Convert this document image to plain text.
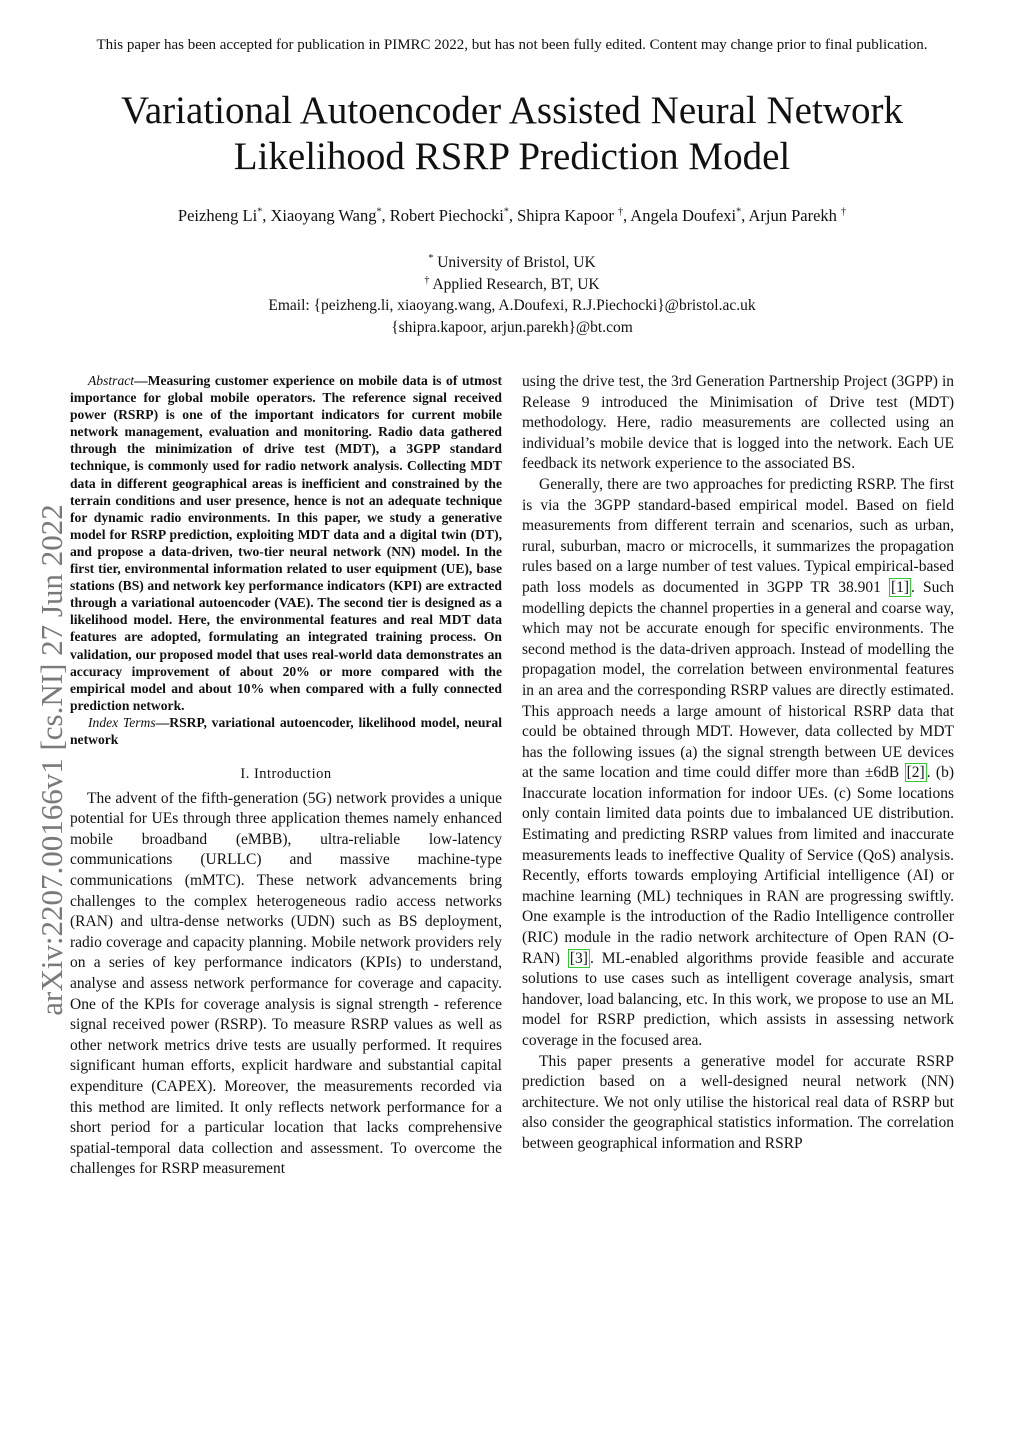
This paper has been accepted for publication in PIMRC 2022, but has not been fully edited. Content may change prior to final publication.
Variational Autoencoder Assisted Neural Network
Likelihood RSRP Prediction Model
Peizheng Li*, Xiaoyang Wang*, Robert Piechocki*, Shipra Kapoor †, Angela Doufexi*, Arjun Parekh †
* University of Bristol, UK
† Applied Research, BT, UK
Email: {peizheng.li, xiaoyang.wang, A.Doufexi, R.J.Piechocki}@bristol.ac.uk
{shipra.kapoor, arjun.parekh}@bt.com
arXiv:2207.00166v1 [cs.NI] 27 Jun 2022

Abstract—Measuring customer experience on mobile data is of utmost importance for global mobile operators. The reference signal received power (RSRP) is one of the important indicators for current mobile network management, evaluation and monitoring. Radio data gathered through the minimization of drive test (MDT), a 3GPP standard technique, is commonly used for radio network analysis. Collecting MDT data in different geographical areas is inefficient and constrained by the terrain conditions and user presence, hence is not an adequate technique for dynamic radio environments. In this paper, we study a generative model for RSRP prediction, exploiting MDT data and a digital twin (DT), and propose a data-driven, two-tier neural network (NN) model. In the first tier, environmental information related to user equipment (UE), base stations (BS) and network key performance indicators (KPI) are extracted through a variational autoencoder (VAE). The second tier is designed as a likelihood model. Here, the environmental features and real MDT data features are adopted, formulating an integrated training process. On validation, our proposed model that uses real-world data demonstrates an accuracy improvement of about 20% or more compared with the empirical model and about 10% when compared with a fully connected prediction network.

Index Terms—RSRP, variational autoencoder, likelihood model, neural network

I. Introduction

The advent of the fifth-generation (5G) network provides a unique potential for UEs through three application themes namely enhanced mobile broadband (eMBB), ultra-reliable low-latency communications (URLLC) and massive machine-type communications (mMTC). These network advancements bring challenges to the complex heterogeneous radio access networks (RAN) and ultra-dense networks (UDN) such as BS deployment, radio coverage and capacity planning. Mobile network providers rely on a series of key performance indicators (KPIs) to understand, analyse and assess network performance for coverage and capacity. One of the KPIs for coverage analysis is signal strength - reference signal received power (RSRP). To measure RSRP values as well as other network metrics drive tests are usually performed. It requires significant human efforts, explicit hardware and substantial capital expenditure (CAPEX). Moreover, the measurements recorded via this method are limited. It only reflects network performance for a short period for a particular location that lacks comprehensive spatial-temporal data collection and assessment. To overcome the challenges for RSRP measurement

using the drive test, the 3rd Generation Partnership Project (3GPP) in Release 9 introduced the Minimisation of Drive test (MDT) methodology. Here, radio measurements are collected using an individual’s mobile device that is logged into the network. Each UE feedback its network experience to the associated BS.

Generally, there are two approaches for predicting RSRP. The first is via the 3GPP standard-based empirical model. Based on field measurements from different terrain and scenarios, such as urban, rural, suburban, macro or microcells, it summarizes the propagation rules based on a large number of test values. Typical empirical-based path loss models as documented in 3GPP TR 38.901 [1] . Such modelling depicts the channel properties in a general and coarse way, which may not be accurate enough for specific environments. The second method is the data-driven approach. Instead of modelling the propagation model, the correlation between environmental features in an area and the corresponding RSRP values are directly estimated. This approach needs a large amount of historical RSRP data that could be obtained through MDT. However, data collected by MDT has the following issues (a) the signal strength between UE devices at the same location and time could differ more than ±6dB [2] . (b) Inaccurate location information for indoor UEs. (c) Some locations only contain limited data points due to imbalanced UE distribution. Estimating and predicting RSRP values from limited and inaccurate measurements leads to ineffective Quality of Service (QoS) analysis. Recently, efforts towards employing Artificial intelligence (AI) or machine learning (ML) techniques in RAN are progressing swiftly. One example is the introduction of the Radio Intelligence controller (RIC) module in the radio network architecture of Open RAN (O-RAN) [3] . ML-enabled algorithms provide feasible and accurate solutions to use cases such as intelligent coverage analysis, smart handover, load balancing, etc. In this work, we propose to use an ML model for RSRP prediction, which assists in assessing network coverage in the focused area.

This paper presents a generative model for accurate RSRP prediction based on a well-designed neural network (NN) architecture. We not only utilise the historical real data of RSRP but also consider the geographical statistics information. The correlation between geographical information and RSRP
